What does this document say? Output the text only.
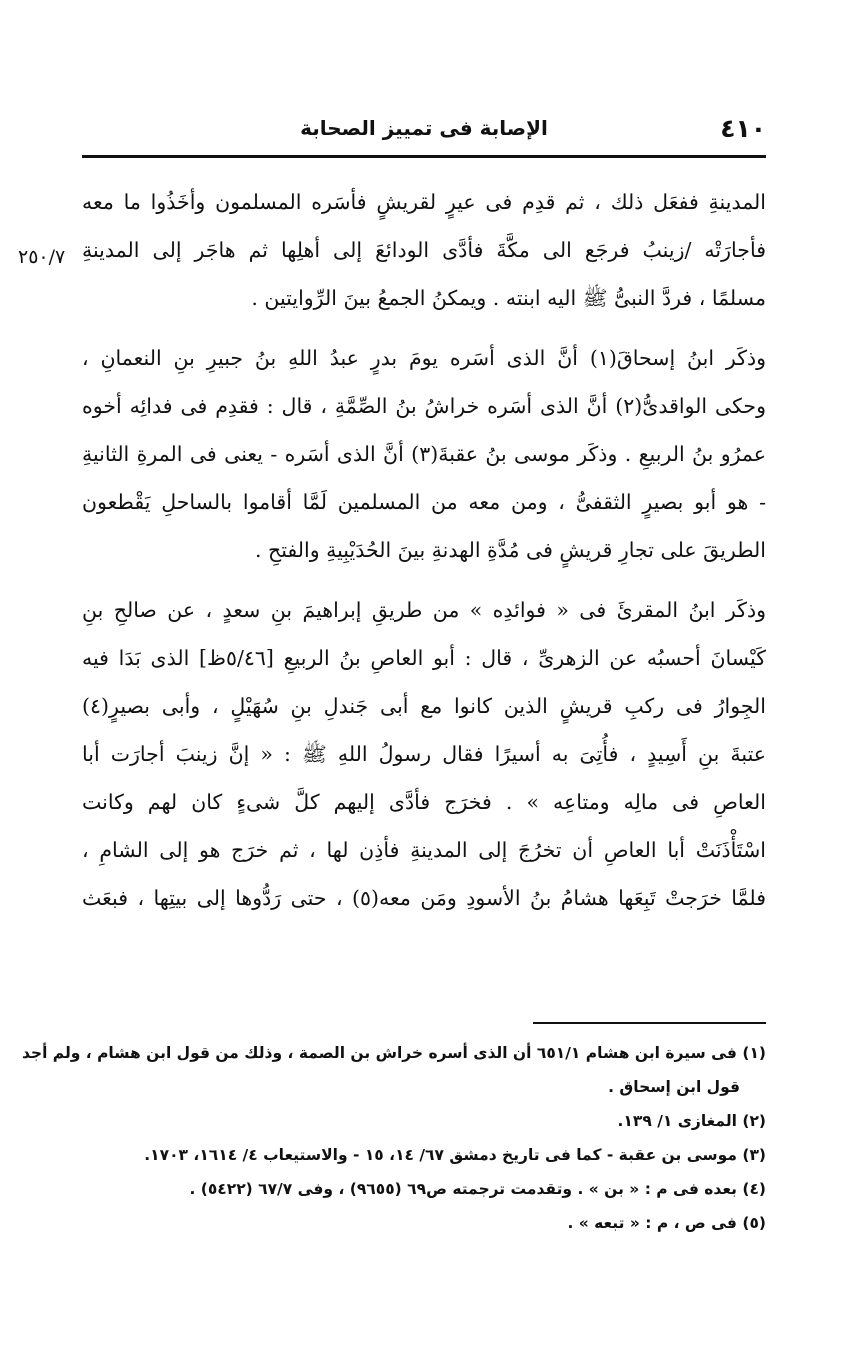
٤١٠
الإصابة فى تمييز الصحابة
٢٥٠/٧
المدينةِ ففعَل ذلك ، ثم قدِم فى عيرٍ لقريشٍ فأسَره المسلمون وأخَذُوا ما معه
فأجارَتْه /زينبُ فرجَع الى مكَّةَ فأدَّى الودائعَ إلى أهلِها ثم هاجَر إلى المدينةِ
مسلمًا ، فردَّ النبىُّ ﷺ اليه ابنته . ويمكنُ الجمعُ بينَ الرِّوايتين .
وذكَر ابنُ إسحاقَ(١) أنَّ الذى أسَره يومَ بدرٍ عبدُ اللهِ بنُ جبيرِ بنِ النعمانِ ،
وحكى الواقدىُّ(٢) أنَّ الذى أسَره خراشُ بنُ الصِّمَّةِ ، قال : فقدِم فى فدائِه أخوه
عمرُو بنُ الربيعِ . وذكَر موسى بنُ عقبةَ(٣) أنَّ الذى أسَره - يعنى فى المرةِ الثانيةِ
- هو أبو بصيرٍ الثقفىُّ ، ومن معه من المسلمين لَمَّا أقاموا بالساحلِ يَقْطعون
الطريقَ على تجارِ قريشٍ فى مُدَّةِ الهدنةِ بينَ الحُدَيْبِيةِ والفتحِ .
وذكَر ابنُ المقرئَ فى « فوائدِه » من طريقِ إبراهيمَ بنِ سعدٍ ، عن صالحِ بنِ
كَيْسانَ أحسبُه عن الزهرىِّ ، قال : أبو العاصِ بنُ الربيعِ [٥/٤٦ظ] الذى بَدَا فيه
الجِوارُ فى ركبِ قريشٍ الذين كانوا مع أبى جَندلِ بنِ سُهَيْلٍ ، وأبى بصيرٍ(٤)
عتبةَ بنِ أَسِيدٍ ، فأُتِىَ به أسيرًا فقال رسولُ اللهِ ﷺ : « إنَّ زينبَ أجارَت أبا
العاصِ فى مالِه ومتاعِه » . فخرَج فأدَّى إليهم كلَّ شىءٍ كان لهم وكانت
اسْتَأْذَنَتْ أبا العاصِ أن تخرُجَ إلى المدينةِ فأذِن لها ، ثم خرَج هو إلى الشامِ ،
فلمَّا خرَجتْ تَبِعَها هشامُ بنُ الأسودِ ومَن معه(٥) ، حتى رَدُّوها إلى بيتِها ، فبعَث
(١) فى سيرة ابن هشام ٦٥١/١ أن الذى أسره خراش بن الصمة ، وذلك من قول ابن هشام ، ولم أجد
قول ابن إسحاق .
(٢) المغازى ١/ ١٣٩.
(٣) موسى بن عقبة - كما فى تاريخ دمشق ٦٧/ ١٤، ١٥ - والاستيعاب ٤/ ١٦١٤، ١٧٠٣.
(٤) بعده فى م : « بن » . وتقدمت ترجمته ص٦٩ (٩٦٥٥) ، وفى ٦٧/٧ (٥٤٢٢) .
(٥) فى ص ، م : « تبعه » .
